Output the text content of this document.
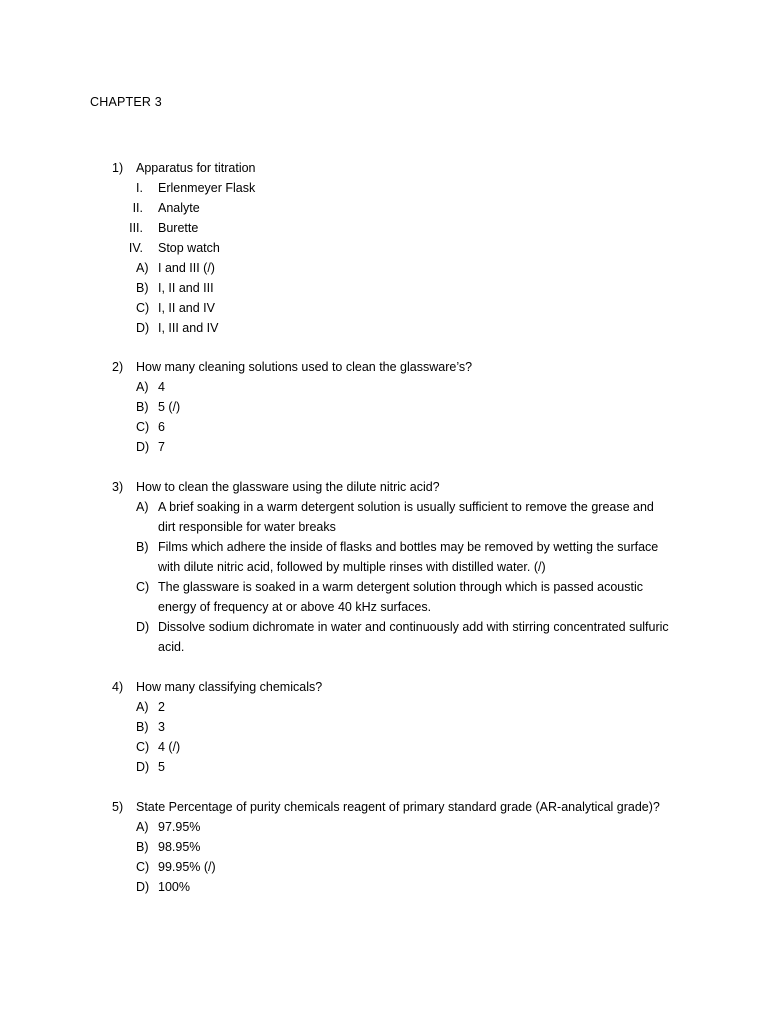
CHAPTER 3
1) Apparatus for titration
I. Erlenmeyer Flask
II. Analyte
III. Burette
IV. Stop watch
A) I and III (/)
B) I, II and III
C) I, II and IV
D) I, III and IV
2) How many cleaning solutions used to clean the glassware’s?
A) 4
B) 5 (/)
C) 6
D) 7
3) How to clean the glassware using the dilute nitric acid?
A) A brief soaking in a warm detergent solution is usually sufficient to remove the grease and dirt responsible for water breaks
B) Films which adhere the inside of flasks and bottles may be removed by wetting the surface with dilute nitric acid, followed by multiple rinses with distilled water. (/)
C) The glassware is soaked in a warm detergent solution through which is passed acoustic energy of frequency at or above 40 kHz surfaces.
D) Dissolve sodium dichromate in water and continuously add with stirring concentrated sulfuric acid.
4) How many classifying chemicals?
A) 2
B) 3
C) 4 (/)
D) 5
5) State Percentage of purity chemicals reagent of primary standard grade (AR-analytical grade)?
A) 97.95%
B) 98.95%
C) 99.95% (/)
D) 100%
